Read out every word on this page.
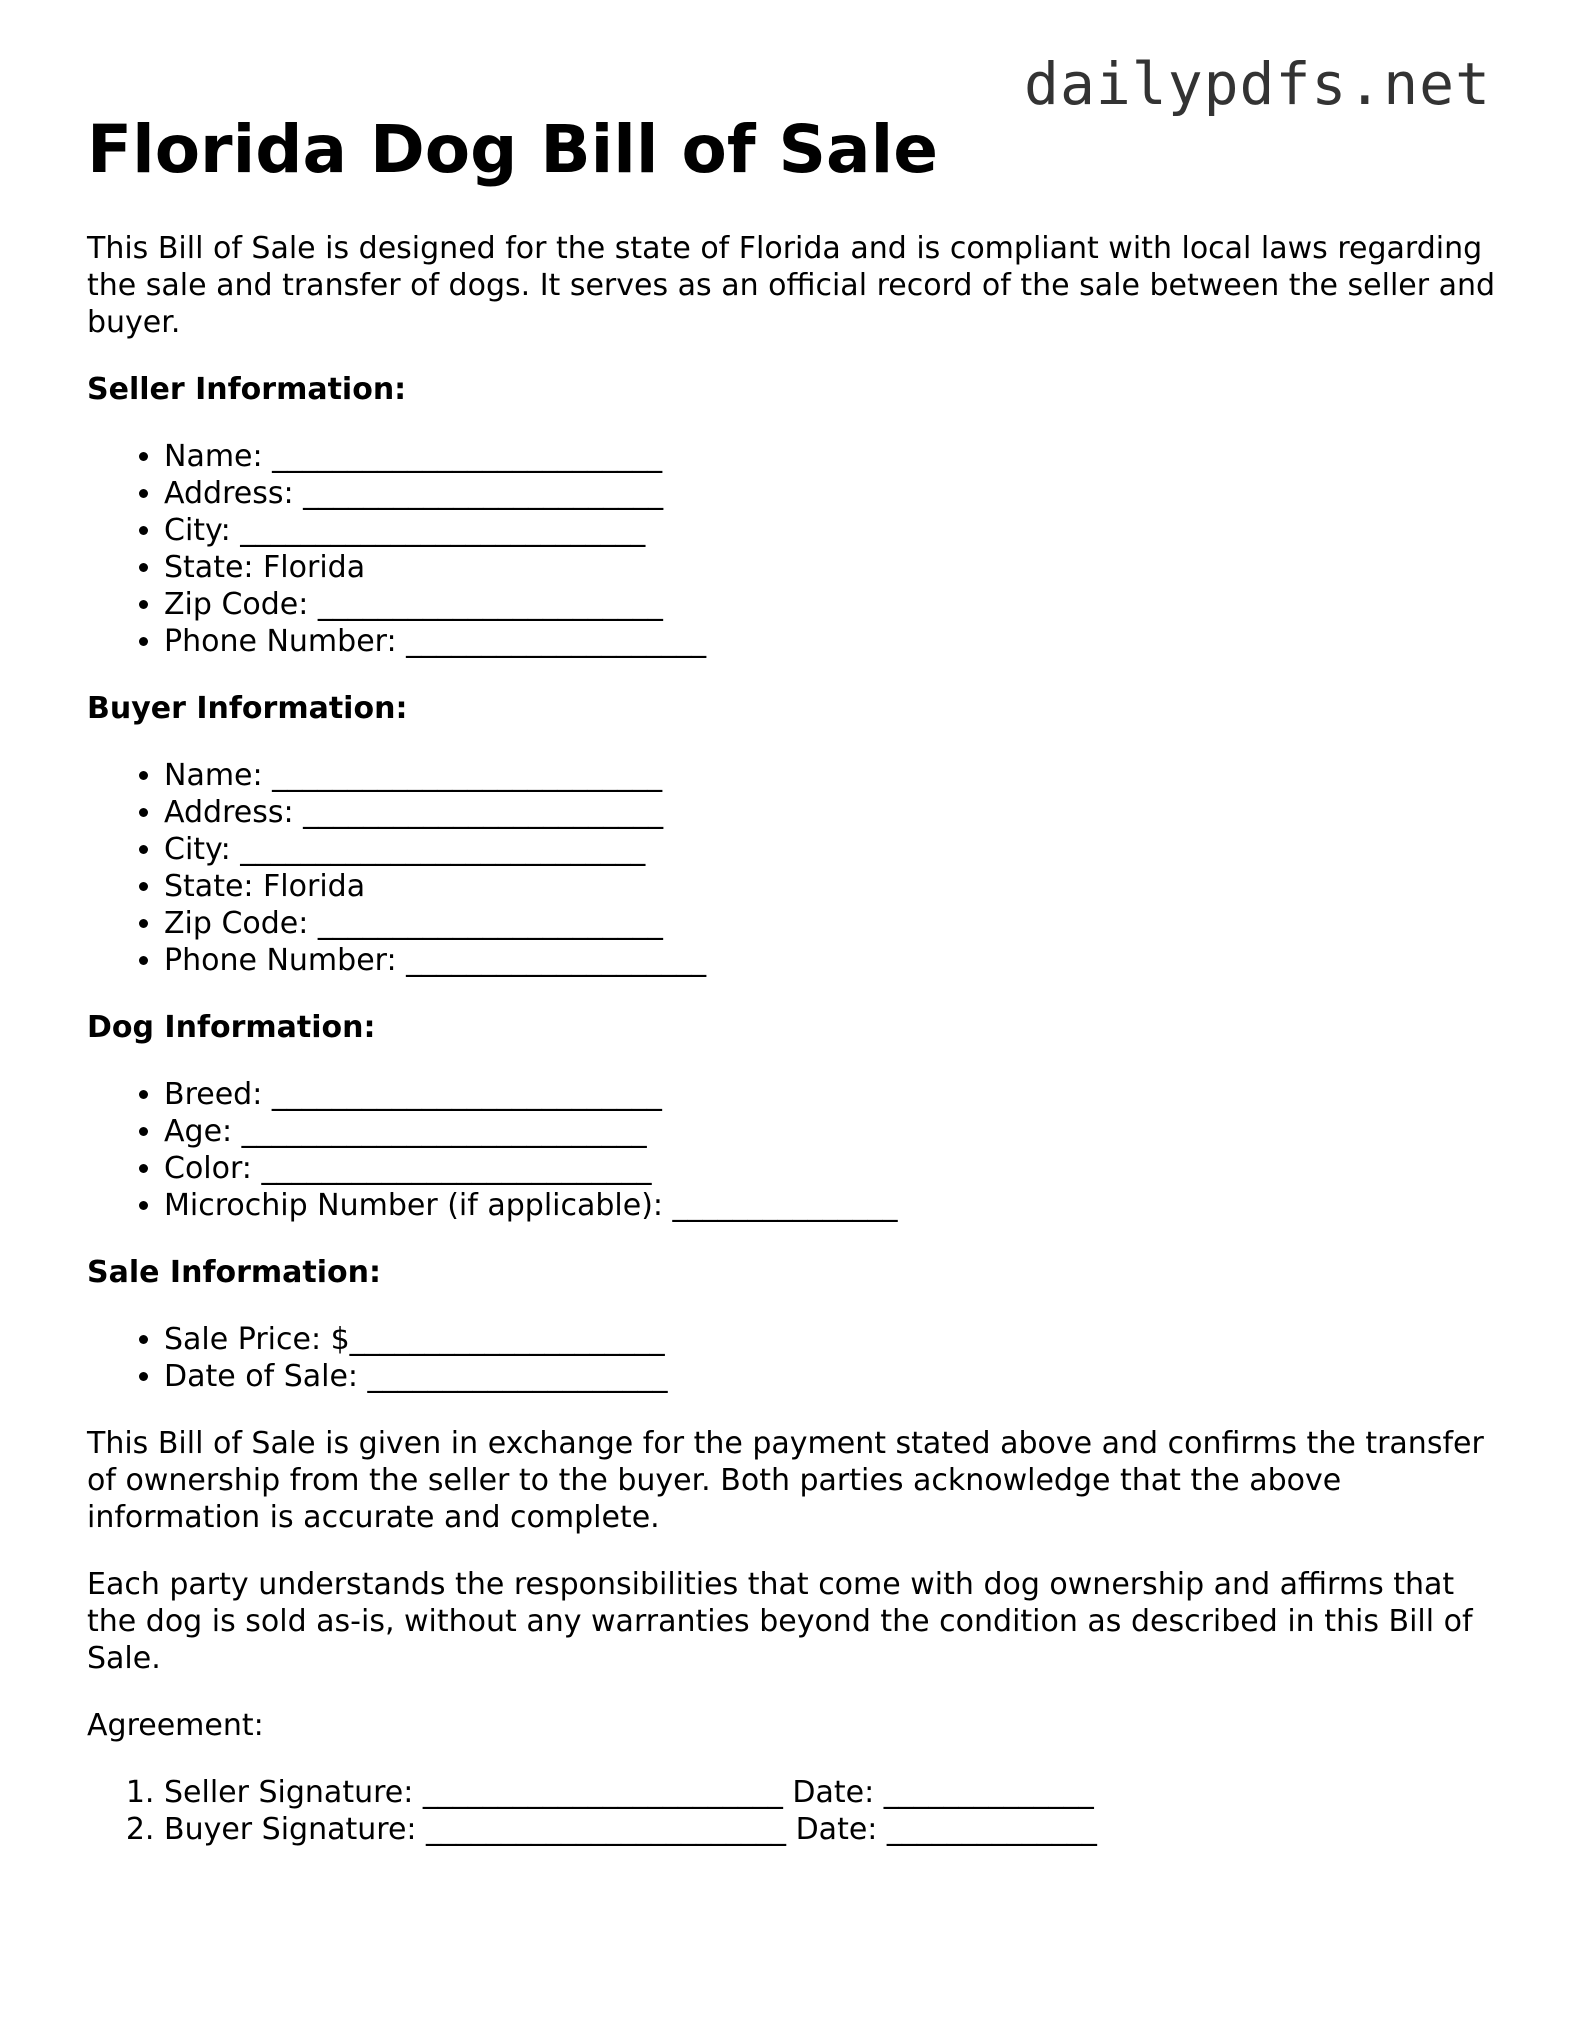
dailypdfs.net
Florida Dog Bill of Sale

This Bill of Sale is designed for the state of Florida and is compliant with local laws regarding the sale and transfer of dogs. It serves as an official record of the sale between the seller and buyer.

Seller Information:
• Name: __________________________
• Address: ________________________
• City: ___________________________
• State: Florida
• Zip Code: _______________________
• Phone Number: ____________________
Buyer Information:
• Name: __________________________
• Address: ________________________
• City: ___________________________
• State: Florida
• Zip Code: _______________________
• Phone Number: ____________________
Dog Information:
• Breed: __________________________
• Age: ___________________________
• Color: __________________________
• Microchip Number (if applicable): _______________
Sale Information:
• Sale Price: $_____________________
• Date of Sale: ____________________

This Bill of Sale is given in exchange for the payment stated above and confirms the transfer of ownership from the seller to the buyer. Both parties acknowledge that the above information is accurate and complete.

Each party understands the responsibilities that come with dog ownership and affirms that the dog is sold as-is, without any warranties beyond the condition as described in this Bill of Sale.

Agreement:

1. Seller Signature: ________________________ Date: ______________
2. Buyer Signature: ________________________ Date: ______________
